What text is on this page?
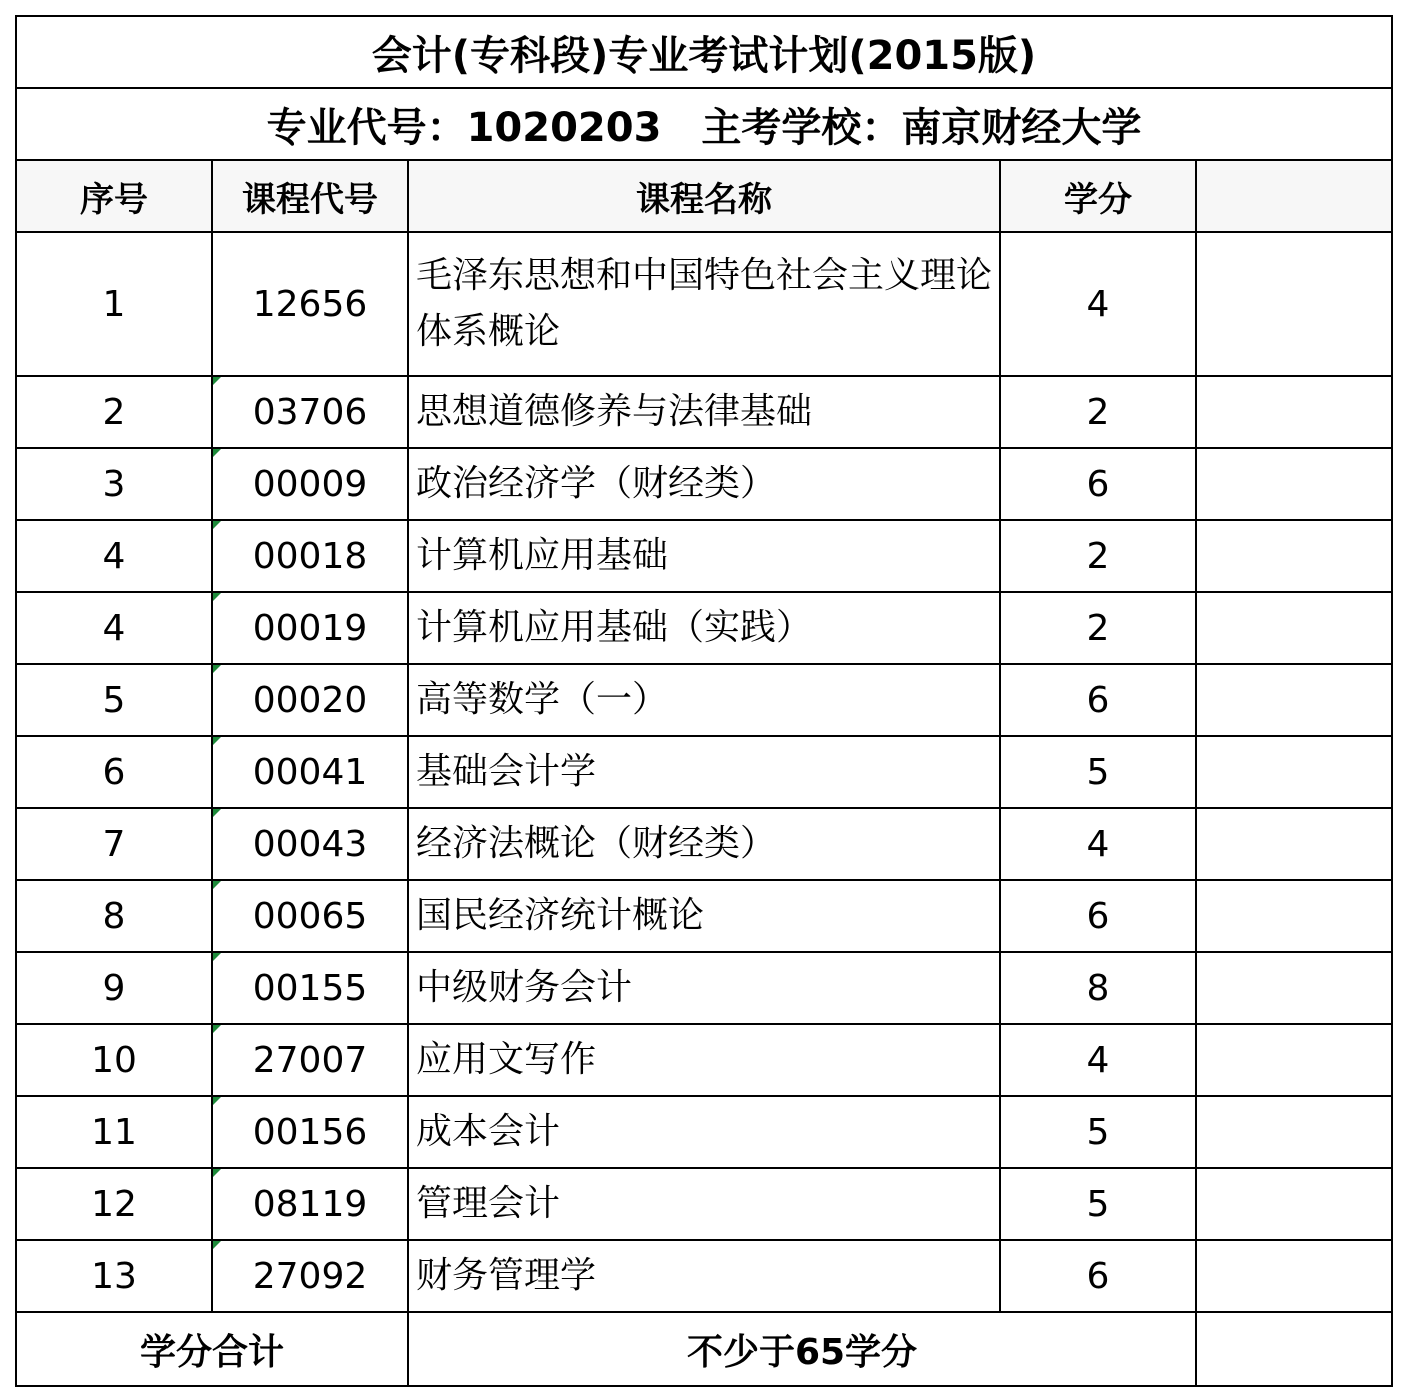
会计(专科段)专业考试计划(2015版)				
专业代号：1020203　主考学校：南京财经大学				
序号	课程代号	课程名称	学分	
1	12656	毛泽东思想和中国特色社会主义理论体系概论	4	
2	03706	思想道德修养与法律基础	2	
3	00009	政治经济学（财经类）	6	
4	00018	计算机应用基础	2	
4	00019	计算机应用基础（实践）	2	
5	00020	高等数学（一）	6	
6	00041	基础会计学	5	
7	00043	经济法概论（财经类）	4	
8	00065	国民经济统计概论	6	
9	00155	中级财务会计	8	
10	27007	应用文写作	4	
11	00156	成本会计	5	
12	08119	管理会计	5	
13	27092	财务管理学	6	
学分合计		不少于65学分		
